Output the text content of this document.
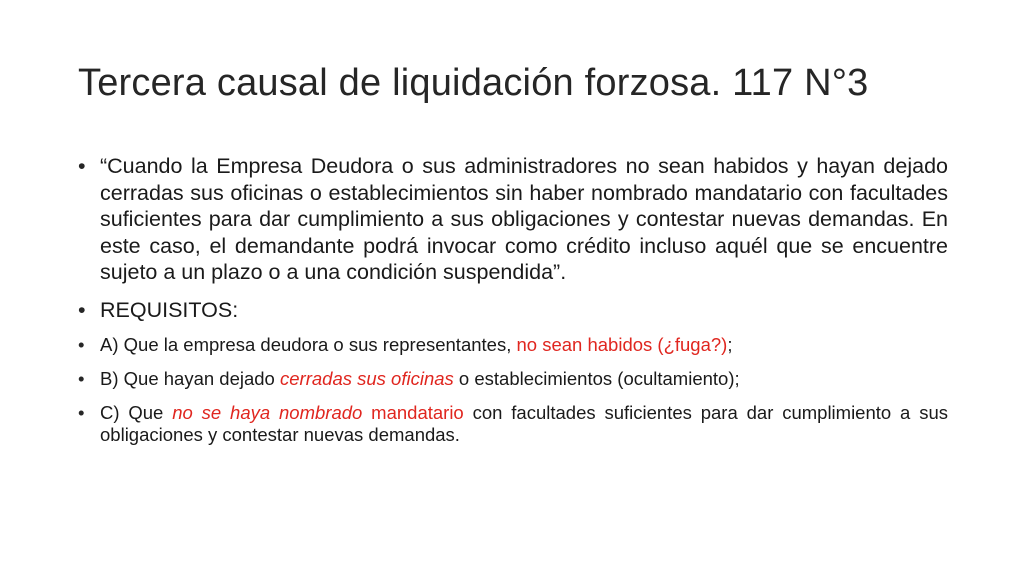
Tercera causal de liquidación forzosa. 117 N°3
• “Cuando la Empresa Deudora o sus administradores no sean habidos y hayan dejado cerradas sus oficinas o establecimientos sin haber nombrado mandatario con facultades suficientes para dar cumplimiento a sus obligaciones y contestar nuevas demandas. En este caso, el demandante podrá invocar como crédito incluso aquél que se encuentre sujeto a un plazo o a una condición suspendida”.
• REQUISITOS:
• A) Que la empresa deudora o sus representantes, no sean habidos (¿fuga?);
• B) Que hayan dejado cerradas sus oficinas o establecimientos (ocultamiento);
• C) Que no se haya nombrado mandatario con facultades suficientes para dar cumplimiento a sus obligaciones y contestar nuevas demandas.
